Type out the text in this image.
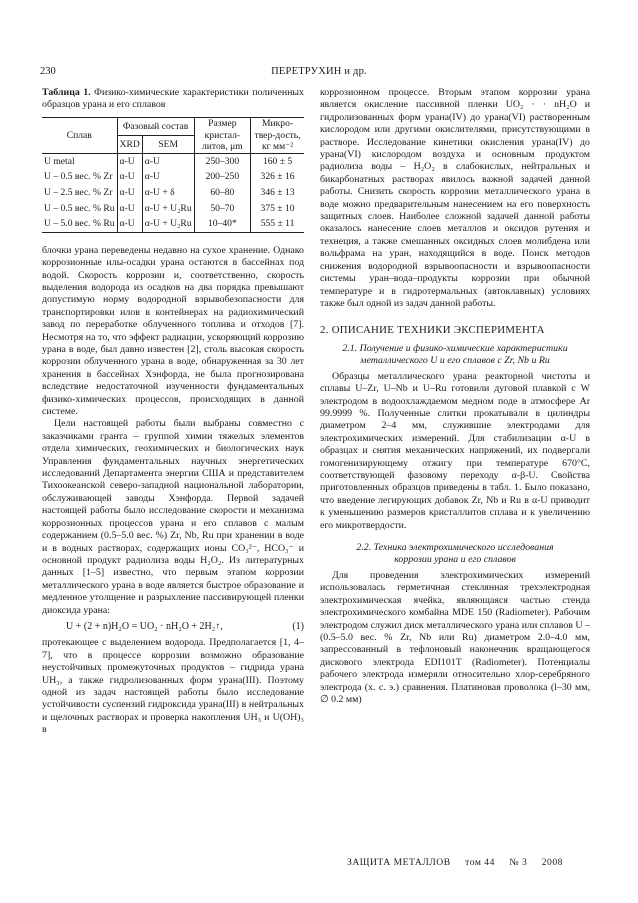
230	ПЕРЕТРУХИН и др.
Таблица 1. Физико-химические характеристики поличенных образцов урана и его сплавов
Сплав	Фазовый состав		Размер кристал-литов, μm	Микро-твер-дость, кг мм⁻²
	XRD	SEM		
U metal	α-U	α-U	250–300	160 ± 5
U – 0.5 вес. % Zr	α-U	α-U	200–250	326 ± 16
U – 2.5 вес. % Zr	α-U	α-U + δ	60–80	346 ± 13
U – 0.5 вес. % Ru	α-U	α-U + U₂Ru	50–70	375 ± 10
U – 5.0 вес. % Ru	α-U	α-U + U₂Ru	10–40*	555 ± 11

блочки урана переведены недавно на сухое хранение. Однако коррозионные илы-осадки урана остаются в бассейнах под водой. Скорость коррозии и, соответственно, скорость выделения водорода из осадков на два порядка превышают допустимую норму водородной взрывобезопасности для транспортировки илов в контейнерах на радиохимический завод по переработке облученного топлива и отходов [7]. Несмотря на то, что эффект радиации, ускоряющий коррозию урана в воде, был давно известен [2], столь высокая скорость коррозии облученного урана в воде, обнаруженная за 30 лет хранения в бассейнах Хэнфорда, не была прогнозирована вследствие недостаточной изученности фундаментальных физико-химических процессов, происходящих в данной системе.

Цели настоящей работы были выбраны совместно с заказчиками гранта – группой химии тяжелых элементов отдела химических, геохимических и биологических наук Управления фундаментальных научных энергетических исследований Департамента энергии США и представителем Тихоокеанской северо-западной национальной лаборатории, обслуживающей заводы Хэнфорда. Первой задачей настоящей работы было исследование скорости и механизма коррозионных процессов урана и его сплавов с малым содержанием (0.5–5.0 вес. %) Zr, Nb, Ru при хранении в воде и в водных растворах, содержащих ионы CO₃²⁻, HCO₃⁻ и основной продукт радиолиза воды H₂O₂. Из литературных данных [1–5] известно, что первым этапом коррозии металлического урана в воде является быстрое образование и медленное утолщение и разрыхление пассивирующей пленки диоксида урана:

U + (2 + n)H₂O = UO₂ · nH₂O + 2H₂↑,	(1)

протекающее с выделением водорода. Предполагается [1, 4–7], что в процессе коррозии возможно образование неустойчивых промежуточных продуктов – гидрида урана UH₃, а также гидролизованных форм урана(III). Поэтому одной из задач настоящей работы было исследование устойчивости суспензий гидроксида урана(III) в нейтральных и щелочных растворах и проверка накопления UH₃ и U(OH)₃ в

коррозионном процессе. Вторым этапом коррозии урана является окисление пассивной пленки UO₂ · · nH₂O и гидролизованных форм урана(IV) до урана(VI) растворенным кислородом или другими окислителями, присутствующими в растворе. Исследование кинетики окисления урана(IV) до урана(VI) кислородом воздуха и основным продуктом радиолиза воды – H₂O₂ в слабокислых, нейтральных и бикарбонатных растворах явилось важной задачей данной работы. Снизить скорость коррозии металлического урана в воде можно предварительным нанесением на его поверхность защитных слоев. Наиболее сложной задачей данной работы оказалось нанесение слоев металлов и оксидов рутения и технеция, а также смешанных оксидных слоев молибдена или вольфрама на уран, находящийся в воде. Поиск методов снижения водородной взрывоопасности и взрывоопасности системы уран–вода–продукты коррозии при обычной температуре и в гидротермальных (автоклавных) условиях также был одной из задач данной работы.

2. ОПИСАНИЕ ТЕХНИКИ ЭКСПЕРИМЕНТА
2.1. Получение и физико-химические характеристики металлического U и его сплавов с Zr, Nb и Ru

Образцы металлического урана реакторной чистоты и сплавы U–Zr, U–Nb и U–Ru готовили дуговой плавкой с W электродом в водоохлаждаемом медном поде в атмосфере Ar 99.9999 %. Полученные слитки прокатывали в цилиндры диаметром 2–4 мм, служившие электродами для электрохимических измерений. Для стабилизации α-U в образцах и снятия механических напряжений, их подвергали гомогенизирующему отжигу при температуре 670°C, соответствующей фазовому переходу α-β-U. Свойства приготовленных образцов приведены в табл. 1. Было показано, что введение легирующих добавок Zr, Nb и Ru в α-U приводит к уменьшению размеров кристаллитов сплава и к увеличению его микротвердости.

2.2. Техника электрохимического исследования коррозии урана и его сплавов

Для проведения электрохимических измерений использовалась герметичная стеклянная трехэлектродная электрохимическая ячейка, являющаяся частью стенда электрохимического комбайна MDE 150 (Radiometer). Рабочим электродом служил диск металлического урана или сплавов U – (0.5–5.0 вес. % Zr, Nb или Ru) диаметром 2.0–4.0 мм, запрессованный в тефлоновый наконечник вращающегося дискового электрода EDI101T (Radiometer). Потенциалы рабочего электрода измеряли относительно хлор-серебряного электрода (х. с. э.) сравнения. Платиновая проволока (l–30 мм, ∅ 0.2 мм)

ЗАЩИТА МЕТАЛЛОВ том 44 № 3 2008
